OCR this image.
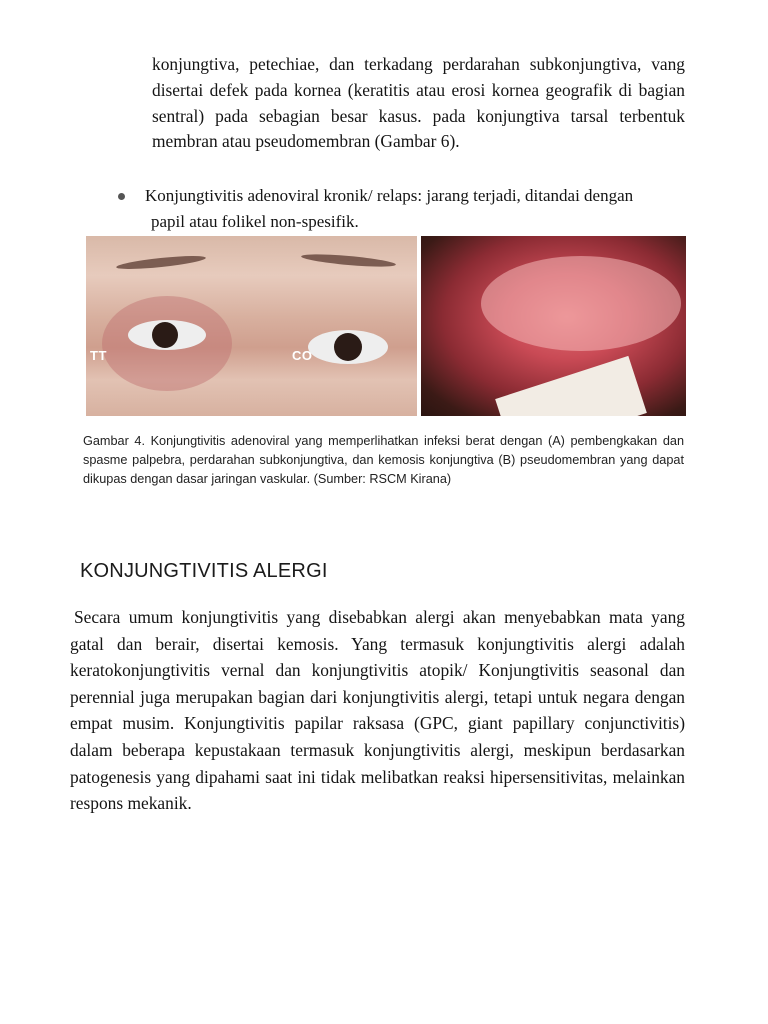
konjungtiva, petechiae, dan terkadang perdarahan subkonjungtiva, vang disertai defek pada kornea (keratitis atau erosi kornea geografik di bagian sentral) pada sebagian besar kasus. pada konjungtiva tarsal terbentuk membran atau pseudomembran (Gambar 6).
Konjungtivitis adenoviral kronik/ relaps: jarang terjadi, ditandai dengan
papil atau folikel non-spesifik.
TT	CO
Gambar 4. Konjungtivitis adenoviral yang memperlihatkan infeksi berat dengan (A) pembengkakan dan spasme palpebra, perdarahan subkonjungtiva, dan kemosis konjungtiva (B) pseudomembran yang dapat dikupas dengan dasar jaringan vaskular. (Sumber: RSCM Kirana)
KONJUNGTIVITIS ALERGI
Secara umum konjungtivitis yang disebabkan alergi akan menyebabkan mata yang gatal dan berair, disertai kemosis. Yang termasuk konjungtivitis alergi adalah keratokonjungtivitis vernal dan konjungtivitis atopik/ Konjungtivitis seasonal dan perennial juga merupakan bagian dari konjungtivitis alergi, tetapi untuk negara dengan empat musim. Konjungtivitis papilar raksasa (GPC, giant papillary conjunctivitis) dalam beberapa kepustakaan termasuk konjungtivitis alergi, meskipun berdasarkan patogenesis yang dipahami saat ini tidak melibatkan reaksi hipersensitivitas, melainkan respons mekanik.
